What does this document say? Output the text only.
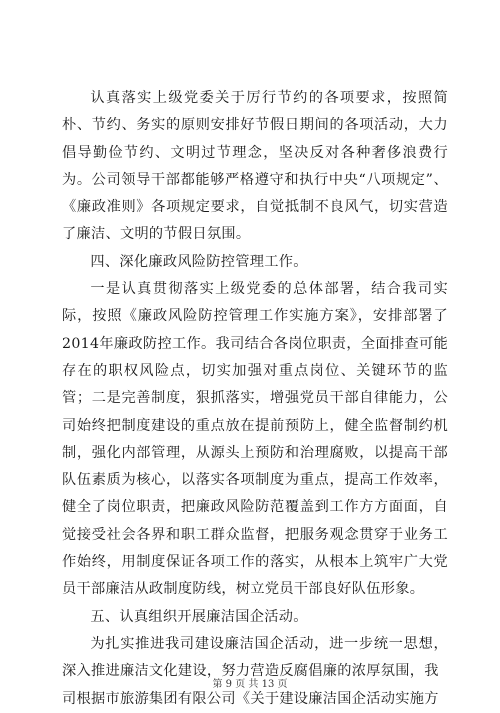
认真落实上级党委关于厉行节约的各项要求，按照简朴、节约、务实的原则安排好节假日期间的各项活动，大力倡导勤俭节约、文明过节理念，坚决反对各种奢侈浪费行为。公司领导干部都能够严格遵守和执行中央“八项规定”、《廉政准则》各项规定要求，自觉抵制不良风气，切实营造了廉洁、文明的节假日氛围。

四、深化廉政风险防控管理工作。

一是认真贯彻落实上级党委的总体部署，结合我司实际，按照《廉政风险防控管理工作实施方案》，安排部署了2014年廉政防控工作。我司结合各岗位职责，全面排查可能存在的职权风险点，切实加强对重点岗位、关键环节的监管；二是完善制度，狠抓落实，增强党员干部自律能力，公司始终把制度建设的重点放在提前预防上，健全监督制约机制，强化内部管理，从源头上预防和治理腐败，以提高干部队伍素质为核心，以落实各项制度为重点，提高工作效率，健全了岗位职责，把廉政风险防范覆盖到工作方方面面，自觉接受社会各界和职工群众监督，把服务观念贯穿于业务工作始终，用制度保证各项工作的落实，从根本上筑牢广大党员干部廉洁从政制度防线，树立党员干部良好队伍形象。

五、认真组织开展廉洁国企活动。

为扎实推进我司建设廉洁国企活动，进一步统一思想，深入推进廉洁文化建设，努力营造反腐倡廉的浓厚氛围，我

司根据市旅游集团有限公司《关于建设廉洁国企活动实施方

第 9 页 共 13 页
